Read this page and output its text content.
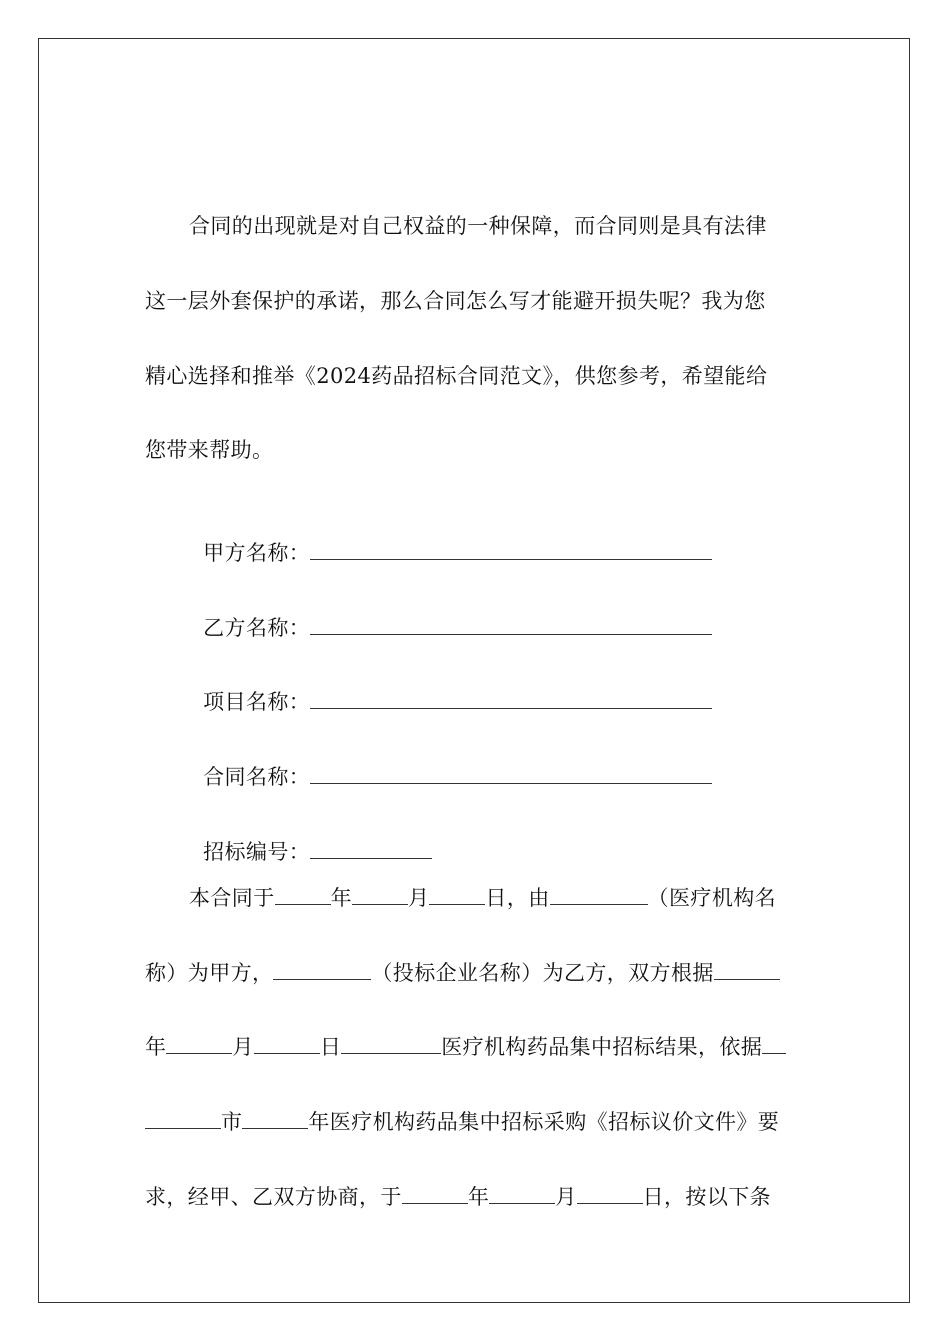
合同的出现就是对自己权益的一种保障，而合同则是具有法律
这一层外套保护的承诺，那么合同怎么写才能避开损失呢？我为您
精心选择和推举《2024药品招标合同范文》，供您参考，希望能给
您带来帮助。

甲方名称：

乙方名称：

项目名称：

合同名称：

招标编号：

本合同于	年	月	日，由	（医疗机构名
称）为甲方，	（投标企业名称）为乙方，双方根据
年	月	日	医疗机构药品集中招标结果，依据
市	年医疗机构药品集中招标采购《招标议价文件》要
求，经甲、乙双方协商，于	年	月	日，按以下条
